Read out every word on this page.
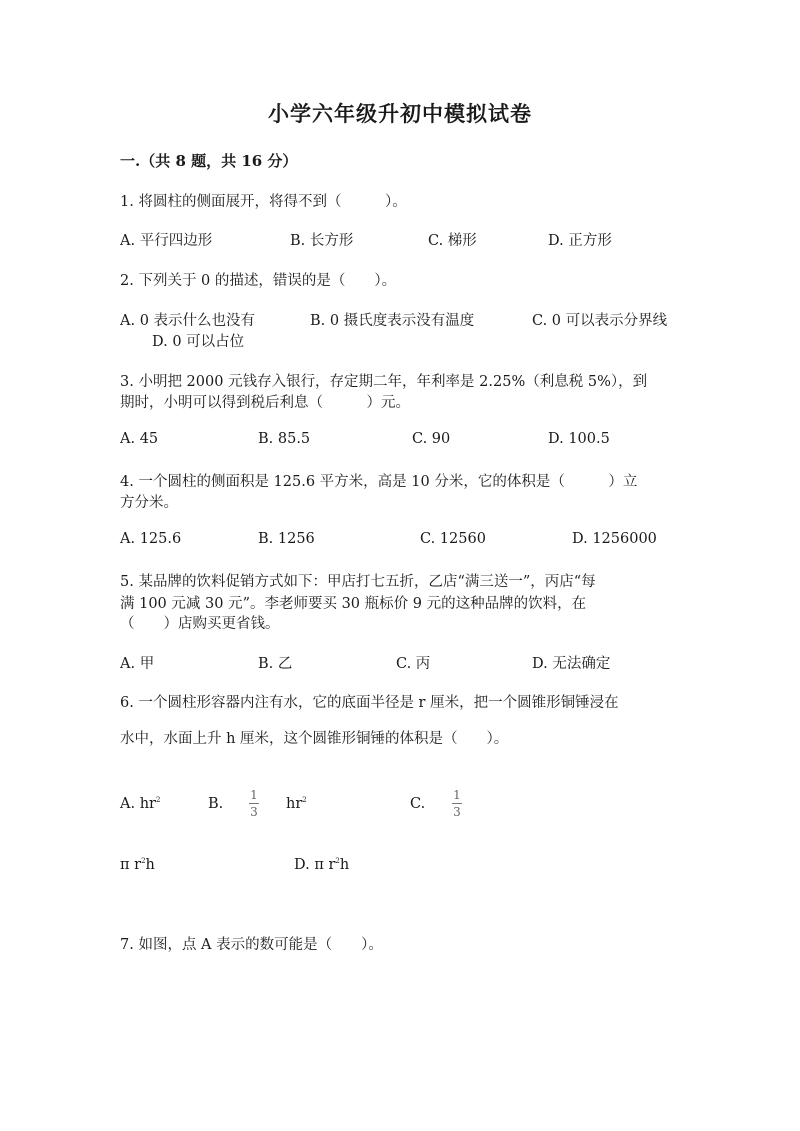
小学六年级升初中模拟试卷
一.（共 8 题，共 16 分）
1. 将圆柱的侧面展开，将得不到（　　　）。
A. 平行四边形	B. 长方形	C. 梯形	D. 正方形
2. 下列关于 0 的描述，错误的是（　　）。
A. 0 表示什么也没有	B. 0 摄氏度表示没有温度	C. 0 可以表示分界线
D. 0 可以占位
3. 小明把 2000 元钱存入银行，存定期二年，年利率是 2.25%（利息税 5%），到
期时，小明可以得到税后利息（　　　）元。
A. 45	B. 85.5	C. 90	D. 100.5
4. 一个圆柱的侧面积是 125.6 平方米，高是 10 分米，它的体积是（　　　）立
方分米。
A. 125.6	B. 1256	C. 12560	D. 1256000
5. 某品牌的饮料促销方式如下：甲店打七五折，乙店“满三送一”，丙店“每
满 100 元减 30 元”。李老师要买 30 瓶标价 9 元的这种品牌的饮料，在
（　　）店购买更省钱。
A. 甲	B. 乙	C. 丙	D. 无法确定
6. 一个圆柱形容器内注有水，它的底面半径是 r 厘米，把一个圆锥形铜锤浸在
水中，水面上升 h 厘米，这个圆锥形铜锤的体积是（　　）。
A. $hr^2$	B.
1
3 $hr^2$	C.
1
3
π $r^2h$	D. π $r^2h$
7. 如图，点 A 表示的数可能是（　　）。
